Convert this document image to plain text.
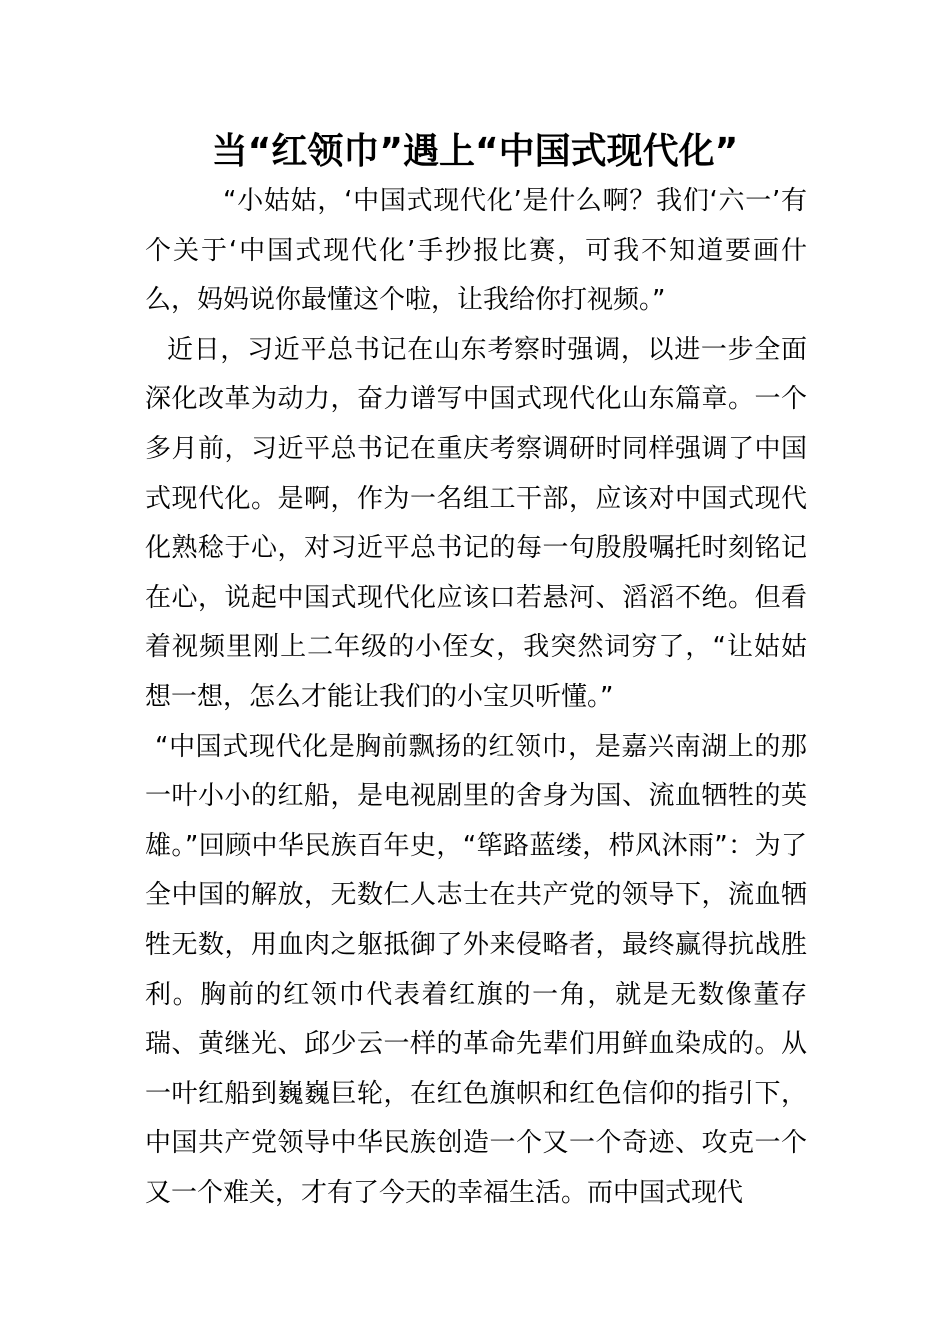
当“红领巾”遇上“中国式现代化”

“小姑姑，‘中国式现代化’是什么啊？我们‘六一’有个关于‘中国式现代化’手抄报比赛，可我不知道要画什么，妈妈说你最懂这个啦，让我给你打视频。”

近日，习近平总书记在山东考察时强调，以进一步全面深化改革为动力，奋力谱写中国式现代化山东篇章。一个多月前，习近平总书记在重庆考察调研时同样强调了中国式现代化。是啊，作为一名组工干部，应该对中国式现代化熟稔于心，对习近平总书记的每一句殷殷嘱托时刻铭记在心，说起中国式现代化应该口若悬河、滔滔不绝。但看着视频里刚上二年级的小侄女，我突然词穷了，“让姑姑想一想，怎么才能让我们的小宝贝听懂。”

“中国式现代化是胸前飘扬的红领巾，是嘉兴南湖上的那一叶小小的红船，是电视剧里的舍身为国、流血牺牲的英雄。”回顾中华民族百年史，“筚路蓝缕，栉风沐雨”：为了全中国的解放，无数仁人志士在共产党的领导下，流血牺牲无数，用血肉之躯抵御了外来侵略者，最终赢得抗战胜利。胸前的红领巾代表着红旗的一角，就是无数像董存瑞、黄继光、邱少云一样的革命先辈们用鲜血染成的。从一叶红船到巍巍巨轮，在红色旗帜和红色信仰的指引下，中国共产党领导中华民族创造一个又一个奇迹、攻克一个又一个难关，才有了今天的幸福生活。而中国式现代
